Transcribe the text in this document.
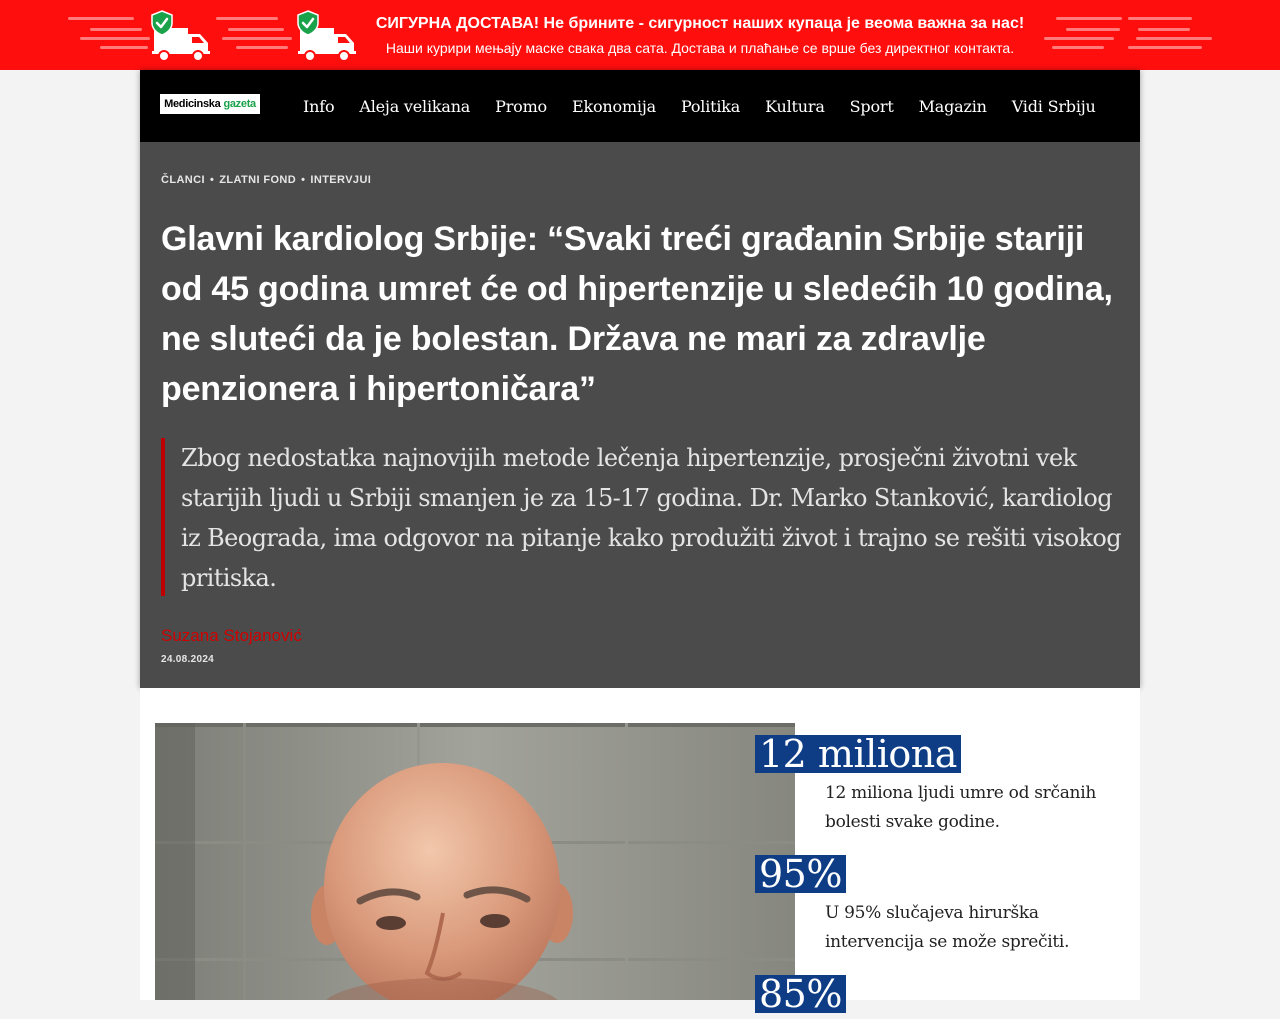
СИГУРНА ДОСТАВА! Не брините - сигурност наших купаца је веома важна за нас!
Наши курири мењају маске свака два сата. Достава и плаћање се врше без директног контакта.
Medicinska gazeta	Info Aleja velikana Promo Ekonomija Politika Kultura Sport Magazin Vidi Srbiju
ČLANCI • ZLATNI FOND • INTERVJUI
Glavni kardiolog Srbije: “Svaki treći građanin Srbije stariji od 45 godina umret će od hipertenzije u sledećih 10 godina, ne sluteći da je bolestan. Država ne mari za zdravlje penzionera i hipertoničara”
Zbog nedostatka najnovijih metode lečenja hipertenzije, prosječni životni vek starijih ljudi u Srbiji smanjen je za 15-17 godina. Dr. Marko Stanković, kardiolog iz Beograda, ima odgovor na pitanje kako produžiti život i trajno se rešiti visokog pritiska.
Suzana Stojanović
24.08.2024
12 miliona
12 miliona ljudi umre od srčanih bolesti svake godine.
95%
U 95% slučajeva hirurška intervencija se može sprečiti.
85%
